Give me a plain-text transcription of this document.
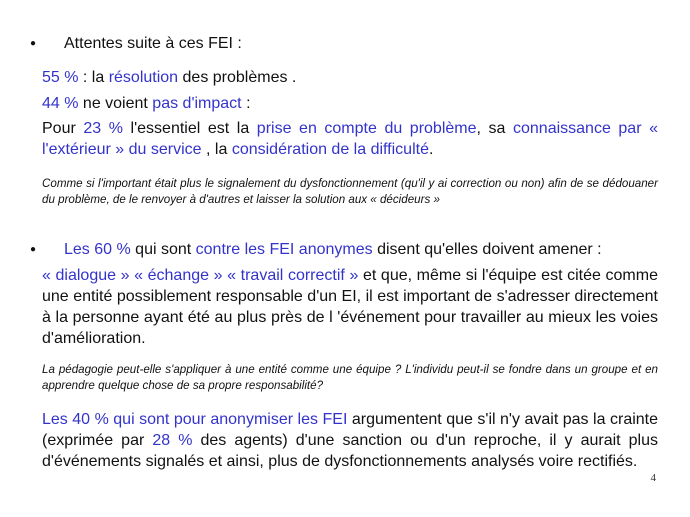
● Attentes suite à ces FEI :
55 % : la résolution des problèmes .
44 % ne voient pas d'impact :
Pour 23 % l'essentiel est la prise en compte du problème, sa connaissance par « l'extérieur » du service , la considération de la difficulté.
Comme si l'important était plus le signalement du dysfonctionnement (qu'il y ai correction ou non) afin de se dédouaner du problème, de le renvoyer à d'autres et laisser la solution aux « décideurs »
● Les 60 % qui sont contre les FEI anonymes disent qu'elles doivent amener :
« dialogue » « échange » « travail correctif » et que, même si l'équipe est citée comme une entité possiblement responsable d'un EI, il est important de s'adresser directement à la personne ayant été au plus près de l 'événement pour travailler au mieux les voies d'amélioration.
La pédagogie peut-elle s'appliquer à une entité comme une équipe ? L'individu peut-il se fondre dans un groupe et en apprendre quelque chose de sa propre responsabilité?
Les 40 % qui sont pour anonymiser les FEI argumentent que s'il n'y avait pas la crainte (exprimée par 28 % des agents) d'une sanction ou d'un reproche, il y aurait plus d'événements signalés et ainsi, plus de dysfonctionnements analysés voire rectifiés.
4
